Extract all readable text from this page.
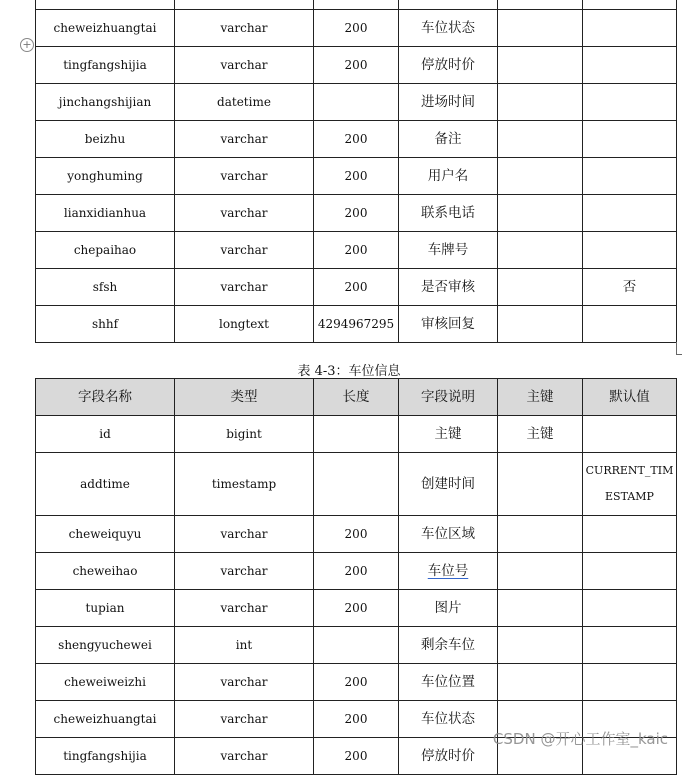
+

cheweizhuangtai	varchar	200	车位状态		
tingfangshijia	varchar	200	停放时价		
jinchangshijian	datetime		进场时间		
beizhu	varchar	200	备注		
yonghuming	varchar	200	用户名		
lianxidianhua	varchar	200	联系电话		
chepaihao	varchar	200	车牌号		
sfsh	varchar	200	是否审核		否
shhf	longtext	4294967295	审核回复		
表 4-3：车位信息
字段名称	类型	长度	字段说明	主键	默认值
id	bigint		主键	主键	
addtime	timestamp		创建时间		CURRENT_TIMESTAMP
cheweiquyu	varchar	200	车位区域		
cheweihao	varchar	200	车位号		
tupian	varchar	200	图片		
shengyuchewei	int		剩余车位		
cheweiweizhi	varchar	200	车位位置		
cheweizhuangtai	varchar	200	车位状态		
tingfangshijia	varchar	200	停放时价		
CSDN @开心工作室_kaic
